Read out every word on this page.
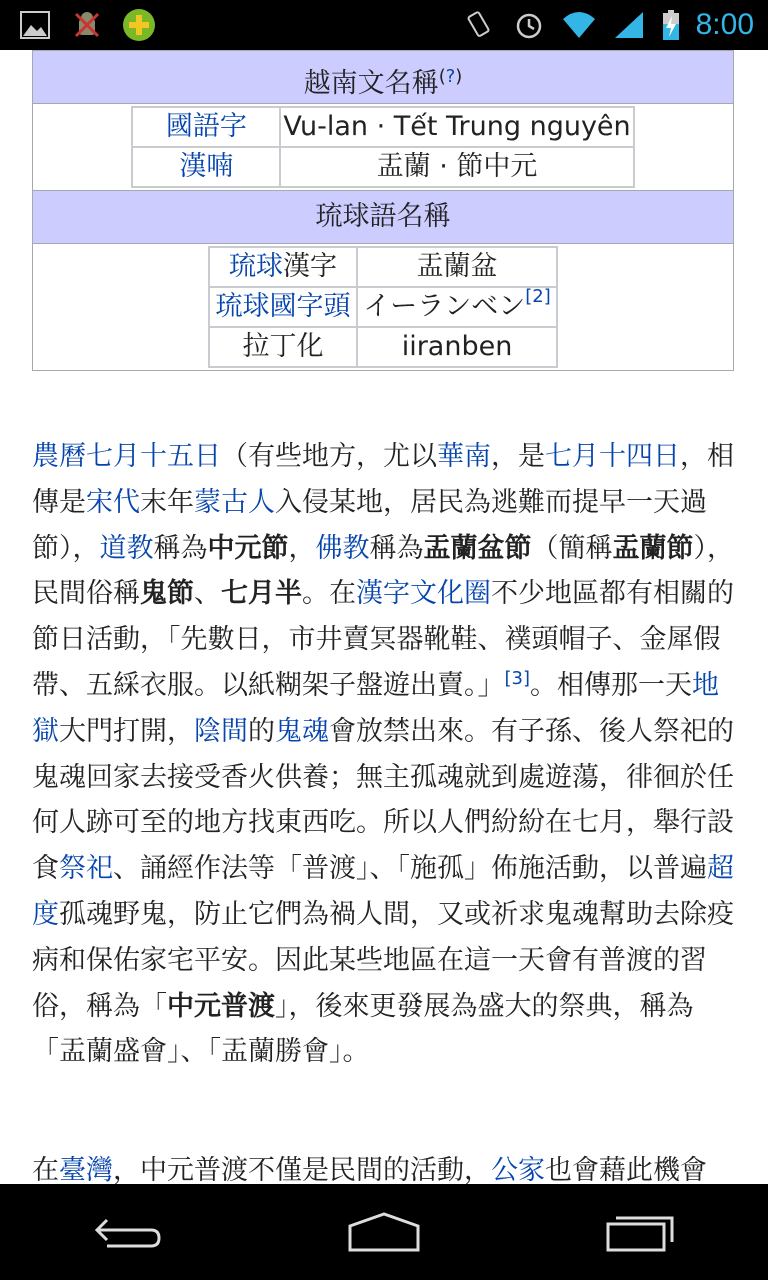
8:00
越南文名稱(?)
國語字	Vu-lan · Tết Trung nguyên
漢喃	盂蘭 · 節中元
琉球語名稱
琉球漢字	盂蘭盆
琉球國字頭	イーランベン[2]
拉丁化	iiranben
農曆七月十五日（有些地方，尤以華南，是七月十四日，相傳是宋代末年蒙古人入侵某地，居民為逃難而提早一天過節），道教稱為中元節，佛教稱為盂蘭盆節（簡稱盂蘭節），民間俗稱鬼節、七月半。在漢字文化圈不少地區都有相關的節日活動，「先數日，市井賣冥器靴鞋、襆頭帽子、金犀假帶、五綵衣服。以紙糊架子盤遊出賣。」[3]。相傳那一天地獄大門打開，陰間的鬼魂會放禁出來。有子孫、後人祭祀的鬼魂回家去接受香火供養；無主孤魂就到處遊蕩，徘徊於任何人跡可至的地方找東西吃。所以人們紛紛在七月，舉行設食祭祀、誦經作法等「普渡」、「施孤」佈施活動，以普遍超度孤魂野鬼，防止它們為禍人間，又或祈求鬼魂幫助去除疫病和保佑家宅平安。因此某些地區在這一天會有普渡的習俗，稱為「中元普渡」，後來更發展為盛大的祭典，稱為「盂蘭盛會」、「盂蘭勝會」。
在臺灣，中元普渡不僅是民間的活動，公家也會藉此機會
